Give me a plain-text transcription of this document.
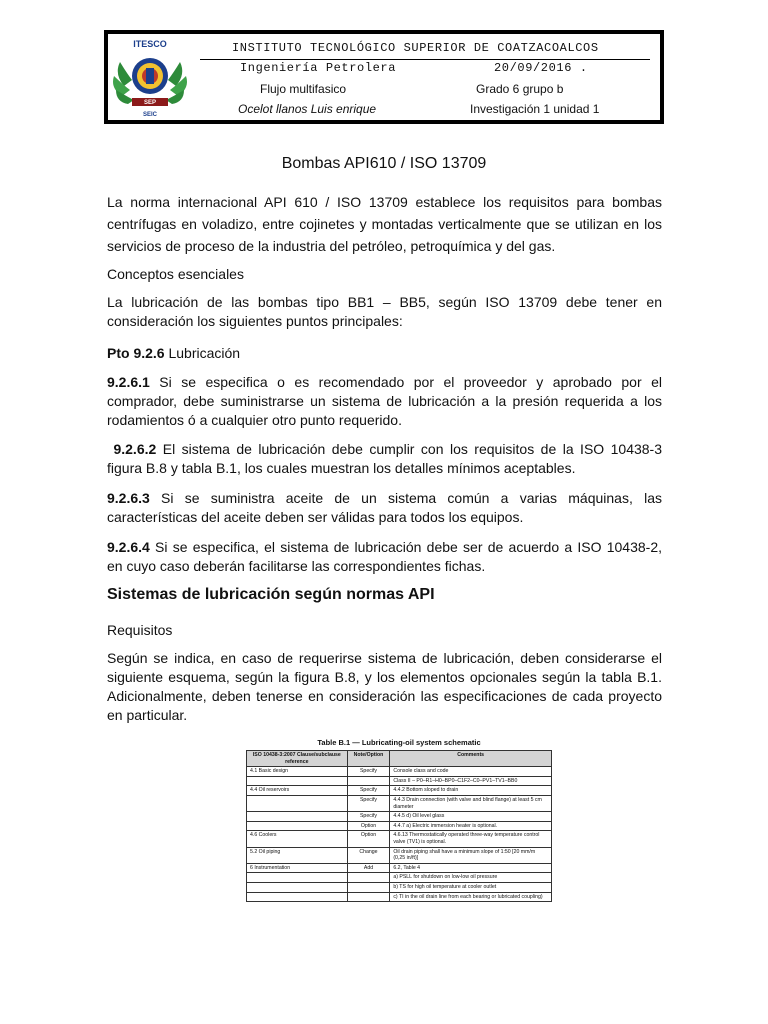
ITESCO
SEP
SEIC
INSTITUTO TECNOLÓGICO SUPERIOR DE COATZACOALCOS
Ingeniería Petrolera	20/09/2016 .
Flujo multifasico	Grado 6 grupo b
Ocelot llanos Luis enrique	Investigación 1 unidad 1
Bombas API610 / ISO 13709
La norma internacional API 610 / ISO 13709 establece los requisitos para bombas centrífugas en voladizo, entre cojinetes y montadas verticalmente que se utilizan en los servicios de proceso de la industria del petróleo, petroquímica y del gas.
Conceptos esenciales
La lubricación de las bombas tipo BB1 – BB5, según ISO 13709 debe tener en consideración los siguientes puntos principales:
Pto 9.2.6 Lubricación
9.2.6.1 Si se especifica o es recomendado por el proveedor y aprobado por el comprador, debe suministrarse un sistema de lubricación a la presión requerida a los rodamientos ó a cualquier otro punto requerido.
9.2.6.2 El sistema de lubricación debe cumplir con los requisitos de la ISO 10438-3 figura B.8 y tabla B.1, los cuales muestran los detalles mínimos aceptables.
9.2.6.3 Si se suministra aceite de un sistema común a varias máquinas, las características del aceite deben ser válidas para todos los equipos.
9.2.6.4 Si se especifica, el sistema de lubricación debe ser de acuerdo a ISO 10438-2, en cuyo caso deberán facilitarse las correspondientes fichas.
Sistemas de lubricación según normas API
Requisitos
Según se indica, en caso de requerirse sistema de lubricación, deben considerarse el siguiente esquema, según la figura B.8, y los elementos opcionales según la tabla B.1. Adicionalmente, deben tenerse en consideración las especificaciones de cada proyecto en particular.
Table B.1 — Lubricating-oil system schematic
ISO 10438-3:2007 Clause/subclause reference	Note/Option	Comments
4.1 Basic design	Specify	Console class and code
		Class II – P0–R1–H0–BP0–C1F2–C0–PV1–TV1–BB0
4.4 Oil reservoirs	Specify	4.4.2 Bottom sloped to drain
	Specify	4.4.3 Drain connection (with valve and blind flange) at least 5 cm diameter
	Specify	4.4.5 d) Oil level glass
	Option	4.4.7 a) Electric immersion heater is optional.
4.6 Coolers	Option	4.6.13 Thermostatically operated three-way temperature control valve (TV1) is optional.
5.2 Oil piping	Change	Oil drain piping shall have a minimum slope of 1:50 [20 mm/m (0,25 in/ft)]
6 Instrumentation	Add	6.2, Table 4
		a) PSLL for shutdown on low-low oil pressure
		b) TS for high oil temperature at cooler outlet
		c) TI in the oil drain line from each bearing or lubricated coupling)
